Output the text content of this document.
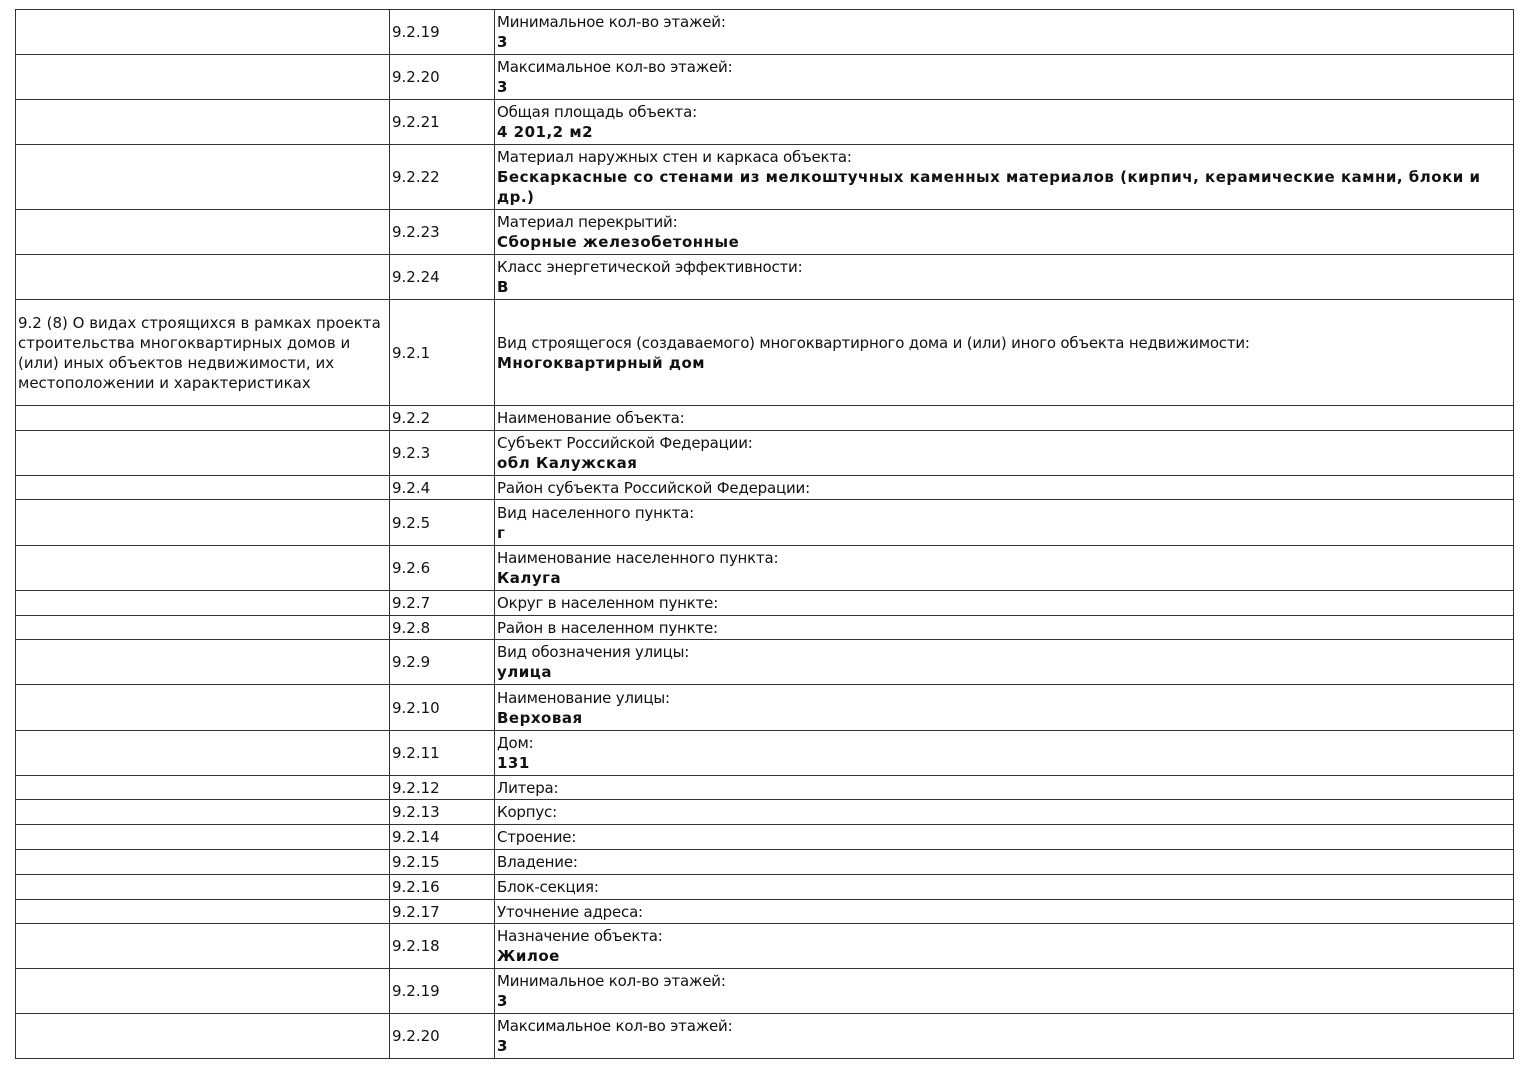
	9.2.19	Минимальное кол-во этажей:
3

	9.2.20	Максимальное кол-во этажей:
3

	9.2.21	Общая площадь объекта:
4 201,2 м2

	9.2.22	Материал наружных стен и каркаса объекта:
Бескаркасные со стенами из мелкоштучных каменных материалов (кирпич, керамические камни, блоки и др.)

	9.2.23	Материал перекрытий:
Сборные железобетонные

	9.2.24	Класс энергетической эффективности:
В

9.2 (8) О видах строящихся в рамках проекта строительства многоквартирных домов и (или) иных объектов недвижимости, их местоположении и характеристиках	9.2.1	Вид строящегося (создаваемого) многоквартирного дома и (или) иного объекта недвижимости:
Многоквартирный дом

	9.2.2	Наименование объекта:

	9.2.3	Субъект Российской Федерации:
обл Калужская

	9.2.4	Район субъекта Российской Федерации:

	9.2.5	Вид населенного пункта:
г

	9.2.6	Наименование населенного пункта:
Калуга

	9.2.7	Округ в населенном пункте:

	9.2.8	Район в населенном пункте:

	9.2.9	Вид обозначения улицы:
улица

	9.2.10	Наименование улицы:
Верховая

	9.2.11	Дом:
131

	9.2.12	Литера:

	9.2.13	Корпус:

	9.2.14	Строение:

	9.2.15	Владение:

	9.2.16	Блок-секция:

	9.2.17	Уточнение адреса:

	9.2.18	Назначение объекта:
Жилое

	9.2.19	Минимальное кол-во этажей:
3

	9.2.20	Максимальное кол-во этажей:
3
